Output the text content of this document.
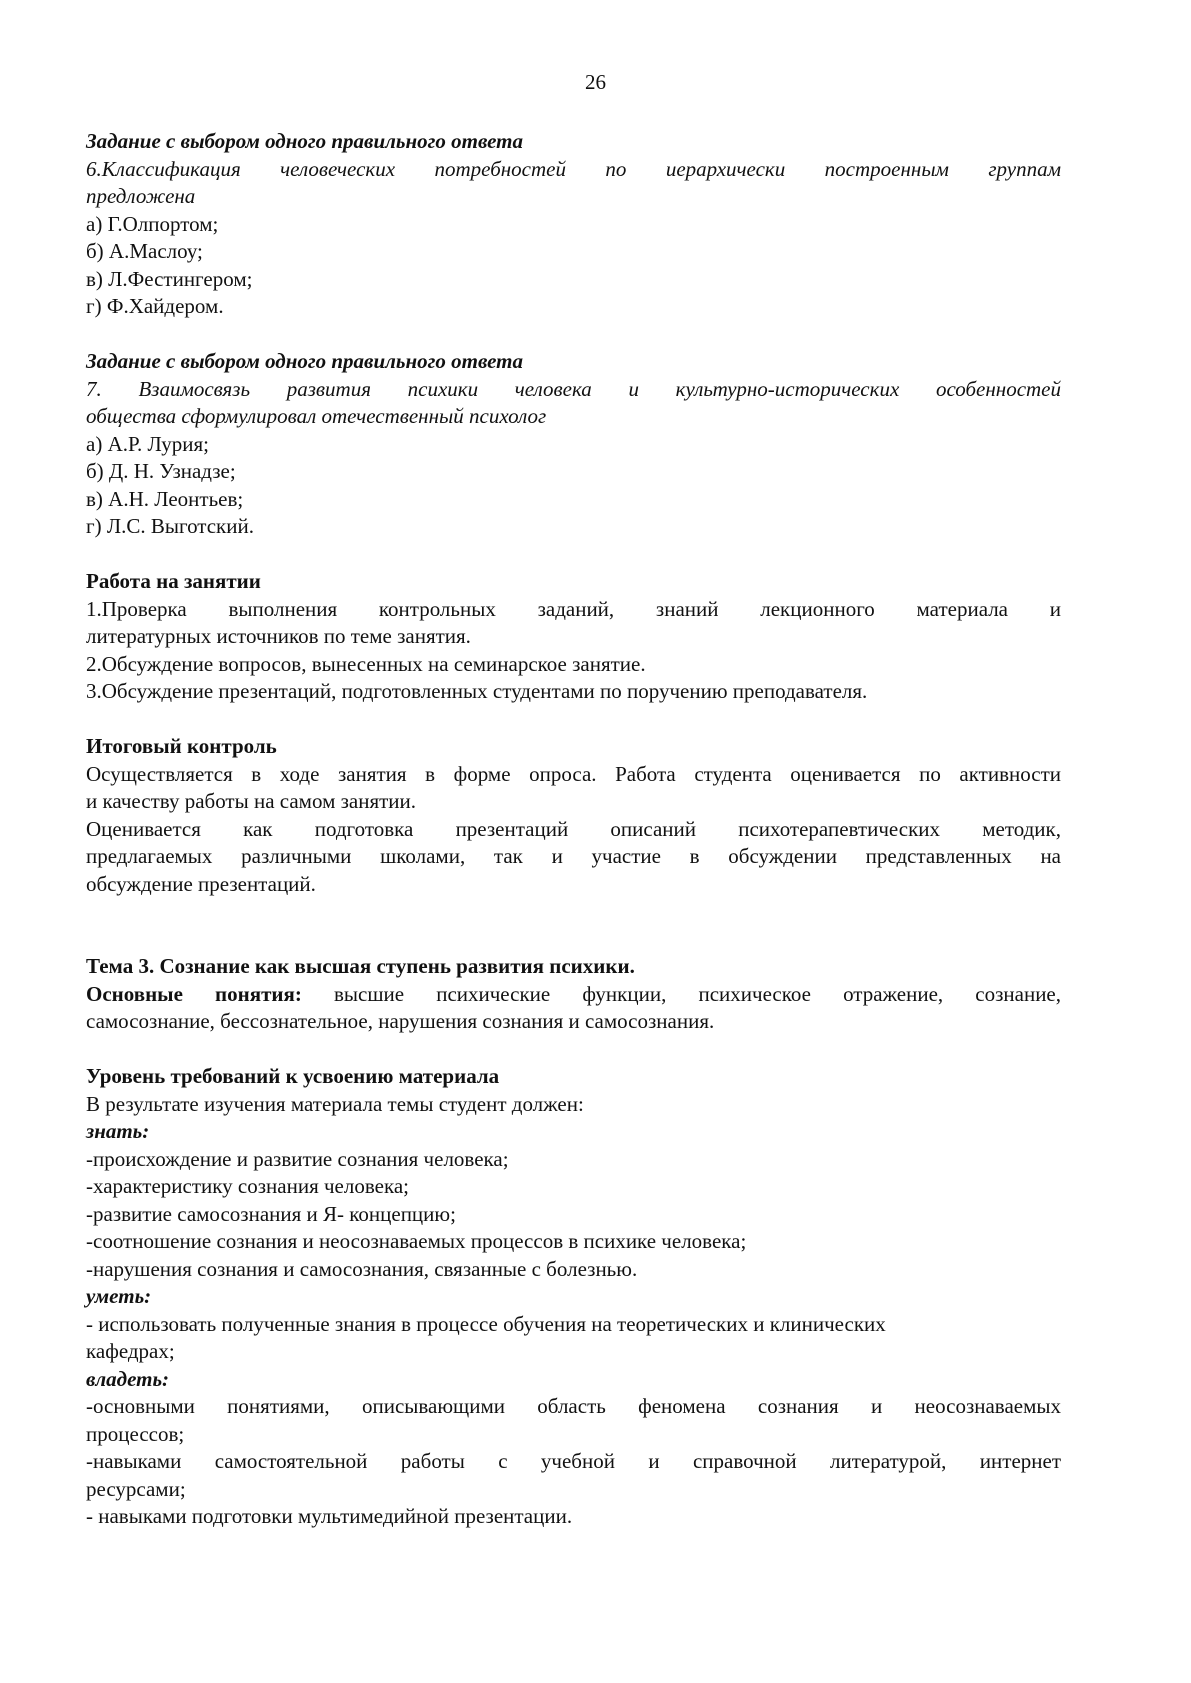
26

Задание с выбором одного правильного ответа

6.Классификация человеческих потребностей по иерархически построенным группам

предложена

а) Г.Олпортом;
б) А.Маслоу;
в) Л.Фестингером;
г) Ф.Хайдером.

Задание с выбором одного правильного ответа

7. Взаимосвязь развития психики человека и культурно-исторических особенностей

общества сформулировал отечественный психолог

а) А.Р. Лурия;
б) Д. Н. Узнадзе;
в) А.Н. Леонтьев;
г) Л.С. Выготский.

Работа на занятии

1.Проверка выполнения контрольных заданий, знаний лекционного материала и

литературных источников по теме занятия.

2.Обсуждение вопросов, вынесенных на семинарское занятие.

3.Обсуждение презентаций, подготовленных студентами по поручению преподавателя.

Итоговый контроль

Осуществляется в ходе занятия в форме опроса. Работа студента оценивается по активности

и качеству работы на самом занятии.

Оценивается как подготовка презентаций описаний психотерапевтических методик,

предлагаемых различными школами, так и участие в обсуждении представленных на

обсуждение презентаций.

Тема 3. Сознание как высшая ступень развития психики.

Основные понятия: высшие психические функции, психическое отражение, сознание,

самосознание, бессознательное, нарушения сознания и самосознания.

Уровень требований к усвоению материала

В результате изучения материала темы студент должен:

знать:

-происхождение и развитие сознания человека;
-характеристику сознания человека;
-развитие самосознания и Я- концепцию;
-соотношение сознания и неосознаваемых процессов в психике человека;
-нарушения сознания и самосознания, связанные с болезнью.

уметь:

- использовать полученные знания в процессе обучения на теоретических и клинических

кафедрах;

владеть:

-основными понятиями, описывающими область феномена сознания и неосознаваемых

процессов;

-навыками самостоятельной работы с учебной и справочной литературой, интернет

ресурсами;

- навыками подготовки мультимедийной презентации.
